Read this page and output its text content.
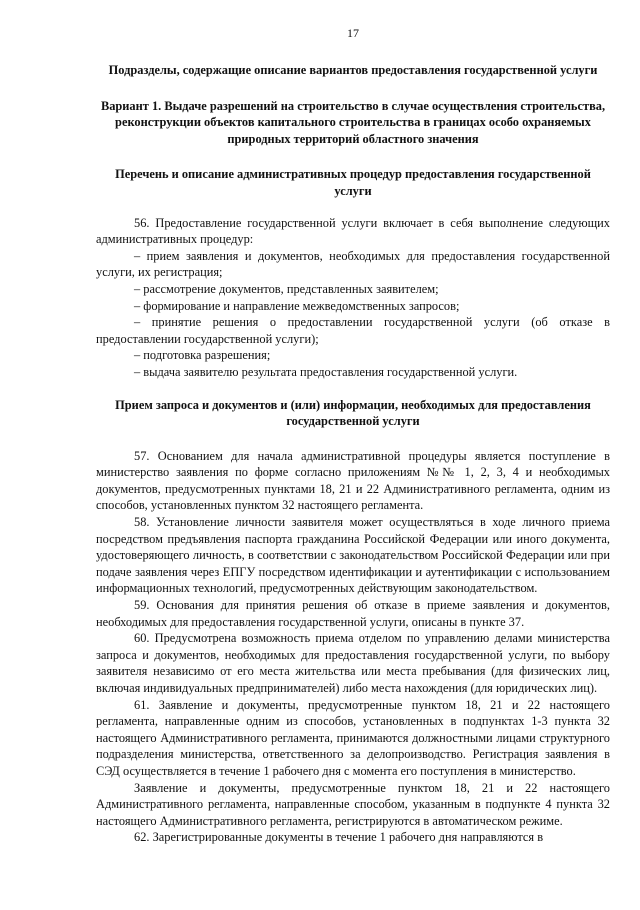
17

Подразделы, содержащие описание вариантов предоставления государственной услуги

Вариант 1. Выдаче разрешений на строительство в случае осуществления строительства, реконструкции объектов капитального строительства в границах особо охраняемых природных территорий областного значения

Перечень и описание административных процедур предоставления государственной услуги

56. Предоставление государственной услуги включает в себя выполнение следующих административных процедур:

– прием заявления и документов, необходимых для предоставления государственной услуги, их регистрация;

– рассмотрение документов, представленных заявителем;

– формирование и направление межведомственных запросов;

– принятие решения о предоставлении государственной услуги (об отказе в предоставлении государственной услуги);

– подготовка разрешения;

– выдача заявителю результата предоставления государственной услуги.

Прием запроса и документов и (или) информации, необходимых для предоставления государственной услуги

57. Основанием для начала административной процедуры является поступление в министерство заявления по форме согласно приложениям №№ 1, 2, 3, 4 и необходимых документов, предусмотренных пунктами 18, 21 и 22 Административного регламента, одним из способов, установленных пунктом 32 настоящего регламента.

58. Установление личности заявителя может осуществляться в ходе личного приема посредством предъявления паспорта гражданина Российской Федерации или иного документа, удостоверяющего личность, в соответствии с законодательством Российской Федерации или при подаче заявления через ЕПГУ посредством идентификации и аутентификации с использованием информационных технологий, предусмотренных действующим законодательством.

59. Основания для принятия решения об отказе в приеме заявления и документов, необходимых для предоставления государственной услуги, описаны в пункте 37.

60. Предусмотрена возможность приема отделом по управлению делами министерства запроса и документов, необходимых для предоставления государственной услуги, по выбору заявителя независимо от его места жительства или места пребывания (для физических лиц, включая индивидуальных предпринимателей) либо места нахождения (для юридических лиц).

61. Заявление и документы, предусмотренные пунктом 18, 21 и 22 настоящего регламента, направленные одним из способов, установленных в подпунктах 1-3 пункта 32 настоящего Административного регламента, принимаются должностными лицами структурного подразделения министерства, ответственного за делопроизводство. Регистрация заявления в СЭД осуществляется в течение 1 рабочего дня с момента его поступления в министерство.

Заявление и документы, предусмотренные пунктом 18, 21 и 22 настоящего Административного регламента, направленные способом, указанным в подпункте 4 пункта 32 настоящего Административного регламента, регистрируются в автоматическом режиме.

62. Зарегистрированные документы в течение 1 рабочего дня направляются в
